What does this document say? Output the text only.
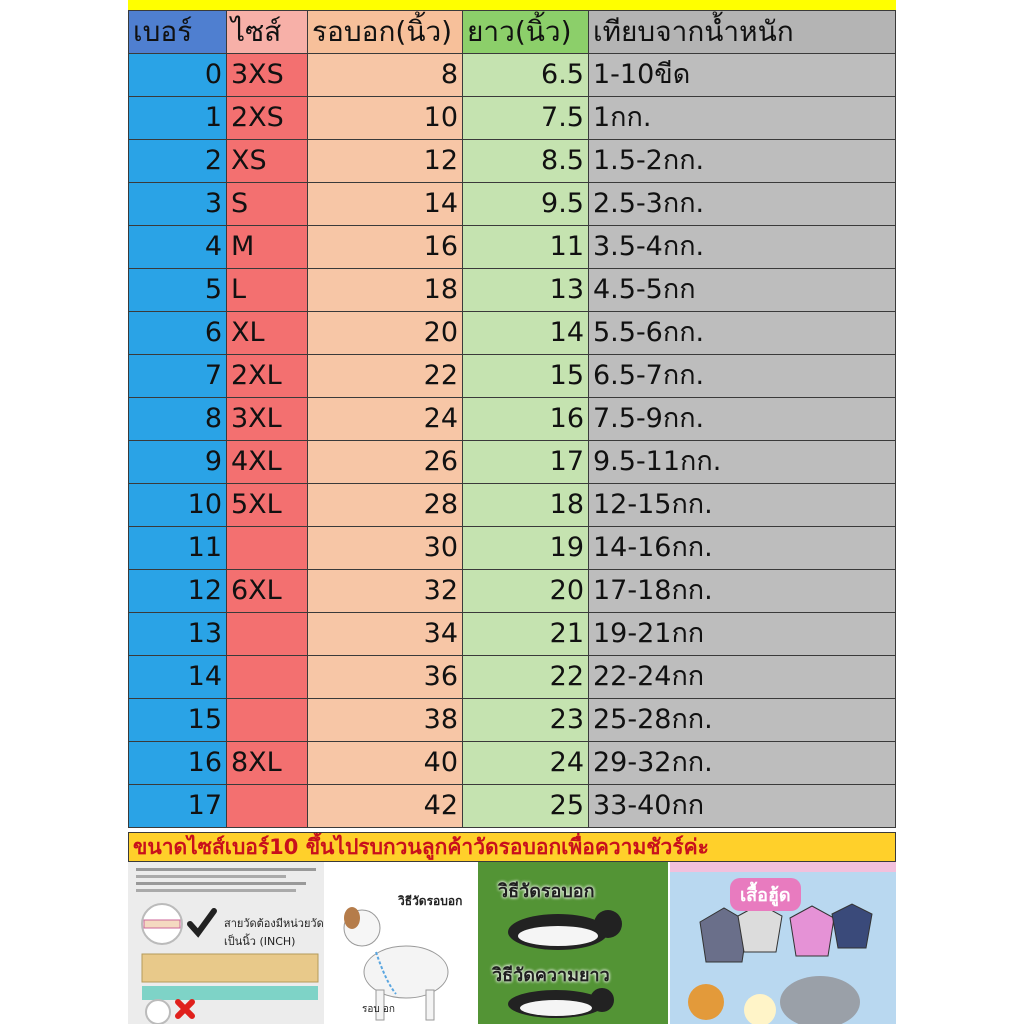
เบอร์	ไซส์	รอบอก(นิ้ว)	ยาว(นิ้ว)	เทียบจากน้ำหนัก
0	3XS	8	6.5	1-10ขีด
1	2XS	10	7.5	1กก.
2	XS	12	8.5	1.5-2กก.
3	S	14	9.5	2.5-3กก.
4	M	16	11	3.5-4กก.
5	L	18	13	4.5-5กก
6	XL	20	14	5.5-6กก.
7	2XL	22	15	6.5-7กก.
8	3XL	24	16	7.5-9กก.
9	4XL	26	17	9.5-11กก.
10	5XL	28	18	12-15กก.
11		30	19	14-16กก.
12	6XL	32	20	17-18กก.
13		34	21	19-21กก
14		36	22	22-24กก
15		38	23	25-28กก.
16	8XL	40	24	29-32กก.
17		42	25	33-40กก
ขนาดไซส์เบอร์10 ขึ้นไปรบกวนลูกค้าวัดรอบอกเพื่อความชัวร์ค่ะ
สายวัดต้องมีหน่วยวัด เป็นนิ้ว (INCH)
วิธีวัดรอบอก
รอบ อก
วิธีวัดรอบอก
วิธีวัดความยาว
เสื้อฮู้ด
